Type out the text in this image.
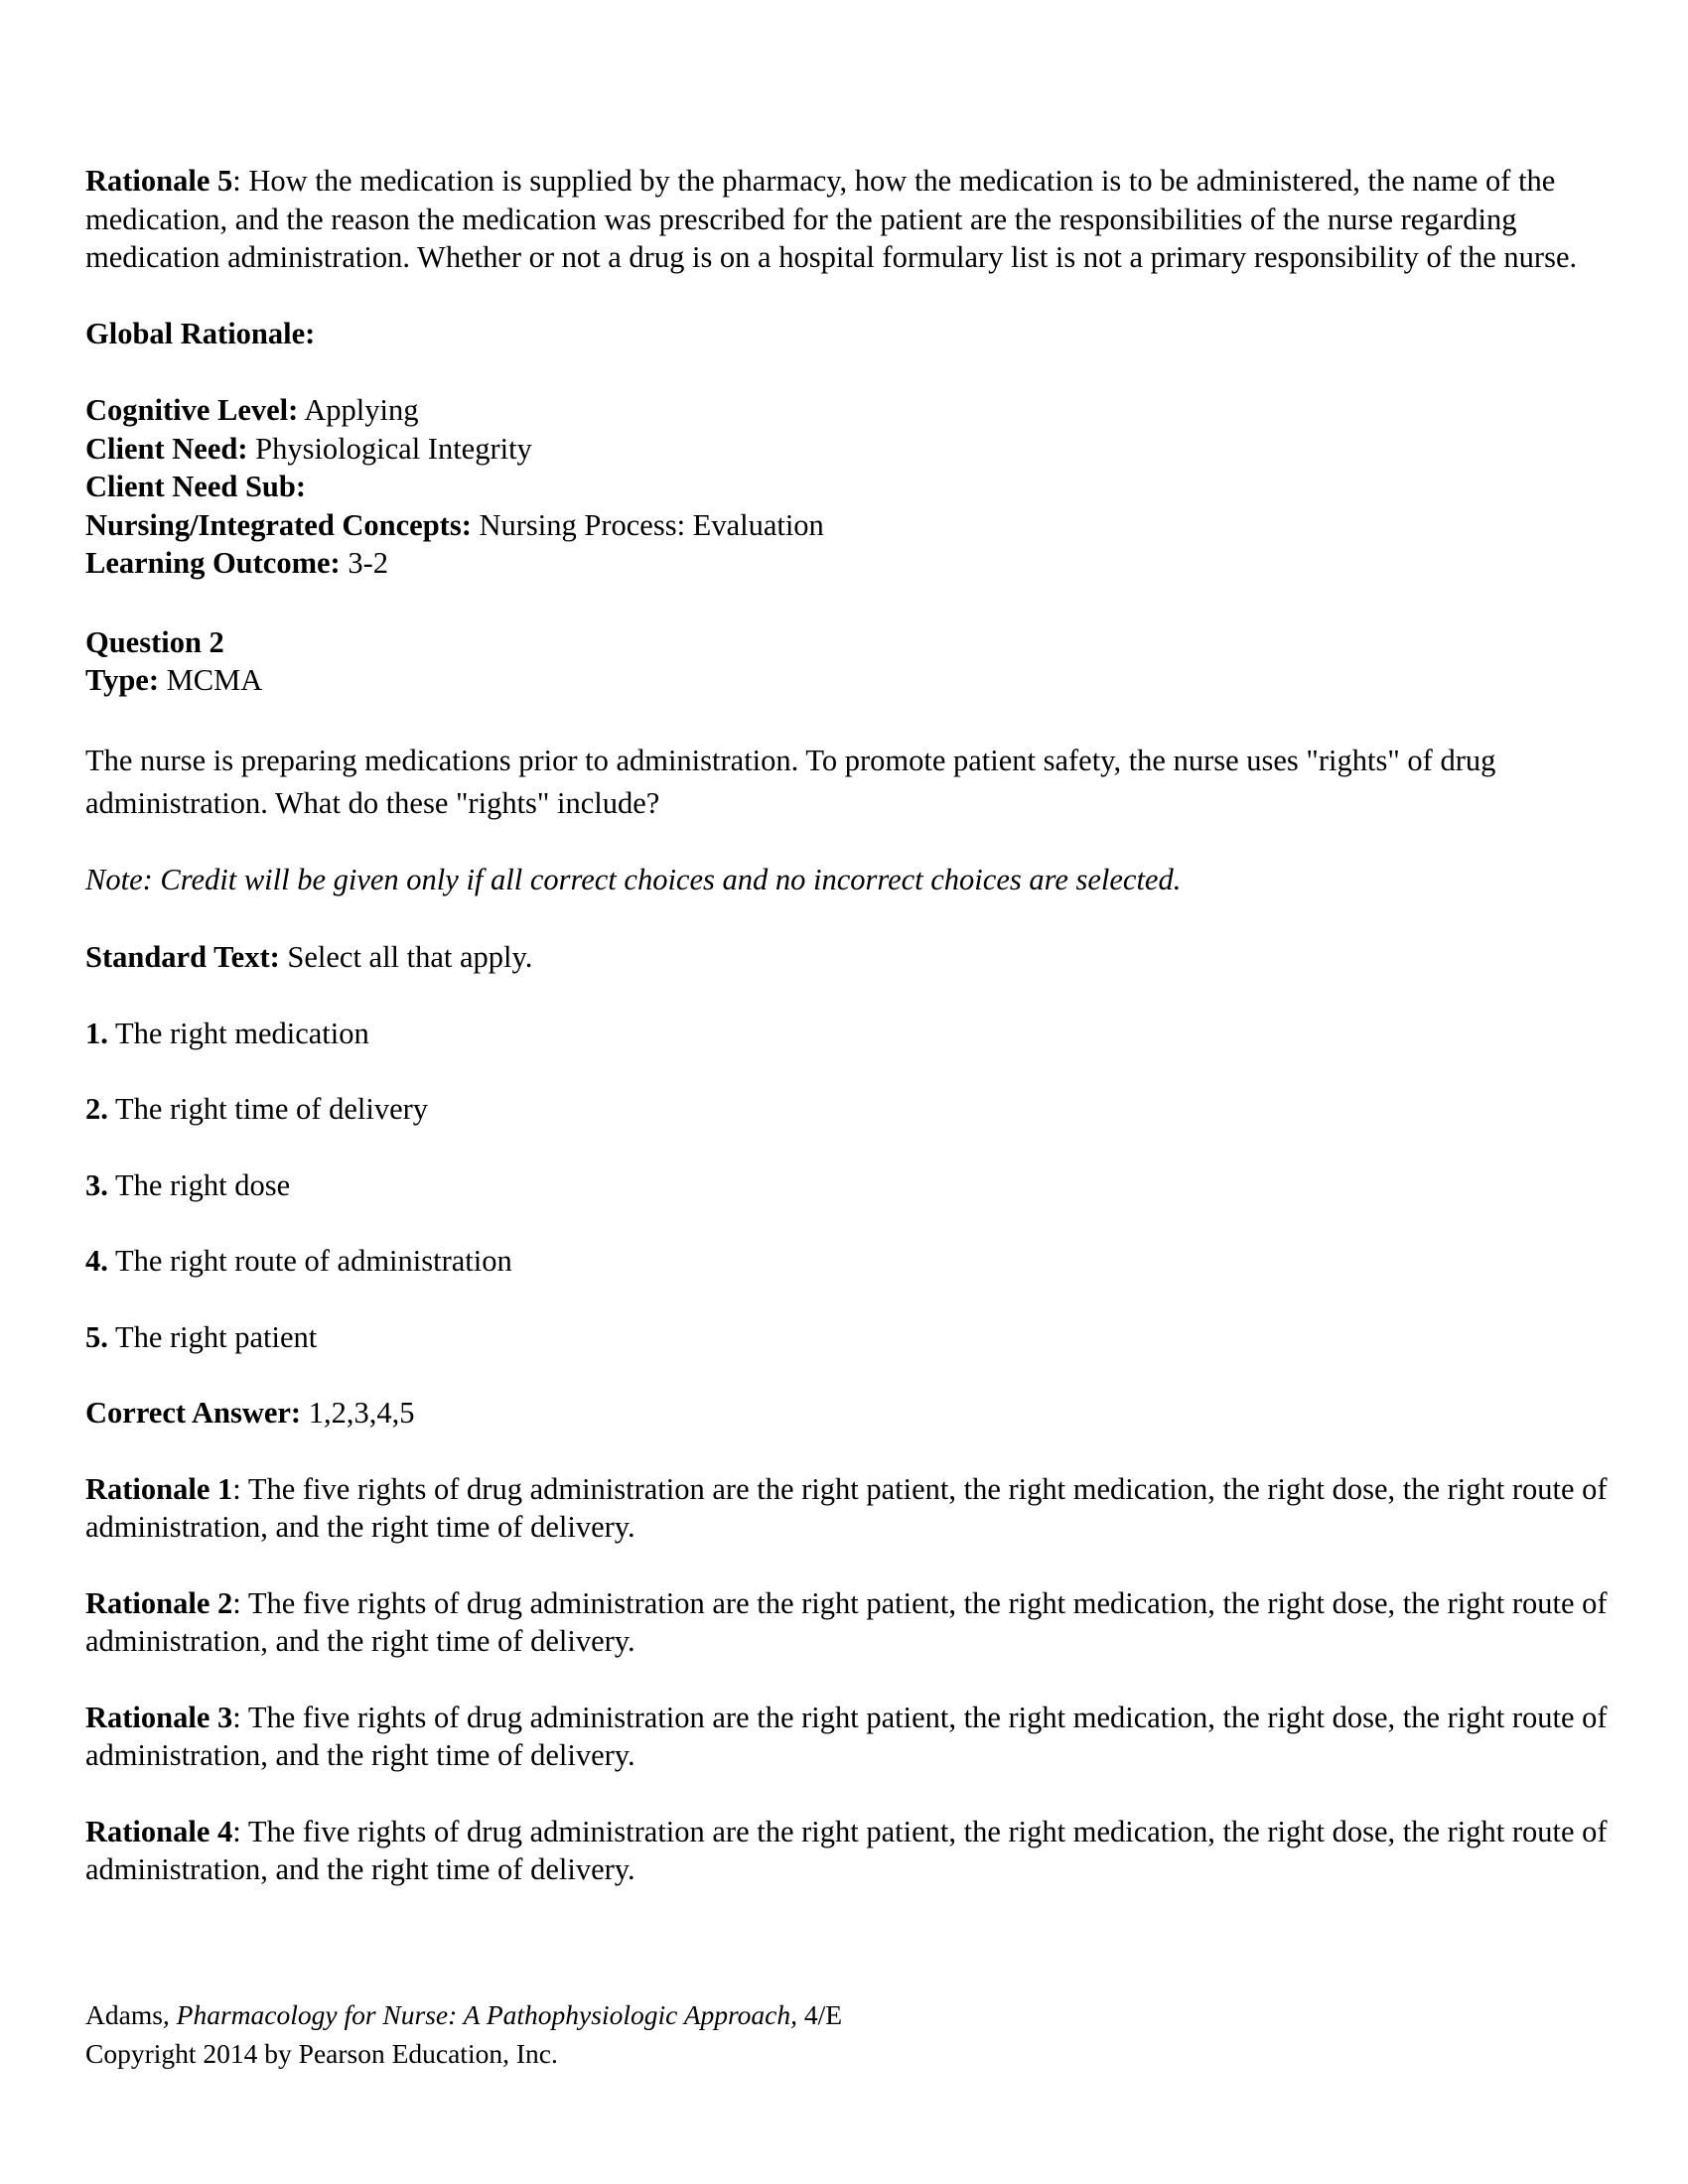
Rationale 5: How the medication is supplied by the pharmacy, how the medication is to be administered, the name of the medication, and the reason the medication was prescribed for the patient are the responsibilities of the nurse regarding medication administration. Whether or not a drug is on a hospital formulary list is not a primary responsibility of the nurse.

Global Rationale:

Cognitive Level: Applying

Client Need: Physiological Integrity

Client Need Sub:

Nursing/Integrated Concepts: Nursing Process: Evaluation

Learning Outcome: 3-2

Question 2

Type: MCMA

The nurse is preparing medications prior to administration. To promote patient safety, the nurse uses "rights" of drug administration. What do these "rights" include?

Note: Credit will be given only if all correct choices and no incorrect choices are selected.

Standard Text: Select all that apply.

1. The right medication

2. The right time of delivery

3. The right dose

4. The right route of administration

5. The right patient

Correct Answer: 1,2,3,4,5

Rationale 1: The five rights of drug administration are the right patient, the right medication, the right dose, the right route of administration, and the right time of delivery.

Rationale 2: The five rights of drug administration are the right patient, the right medication, the right dose, the right route of administration, and the right time of delivery.

Rationale 3: The five rights of drug administration are the right patient, the right medication, the right dose, the right route of administration, and the right time of delivery.

Rationale 4: The five rights of drug administration are the right patient, the right medication, the right dose, the right route of administration, and the right time of delivery.

Adams, Pharmacology for Nurse: A Pathophysiologic Approach, 4/E

Copyright 2014 by Pearson Education, Inc.
